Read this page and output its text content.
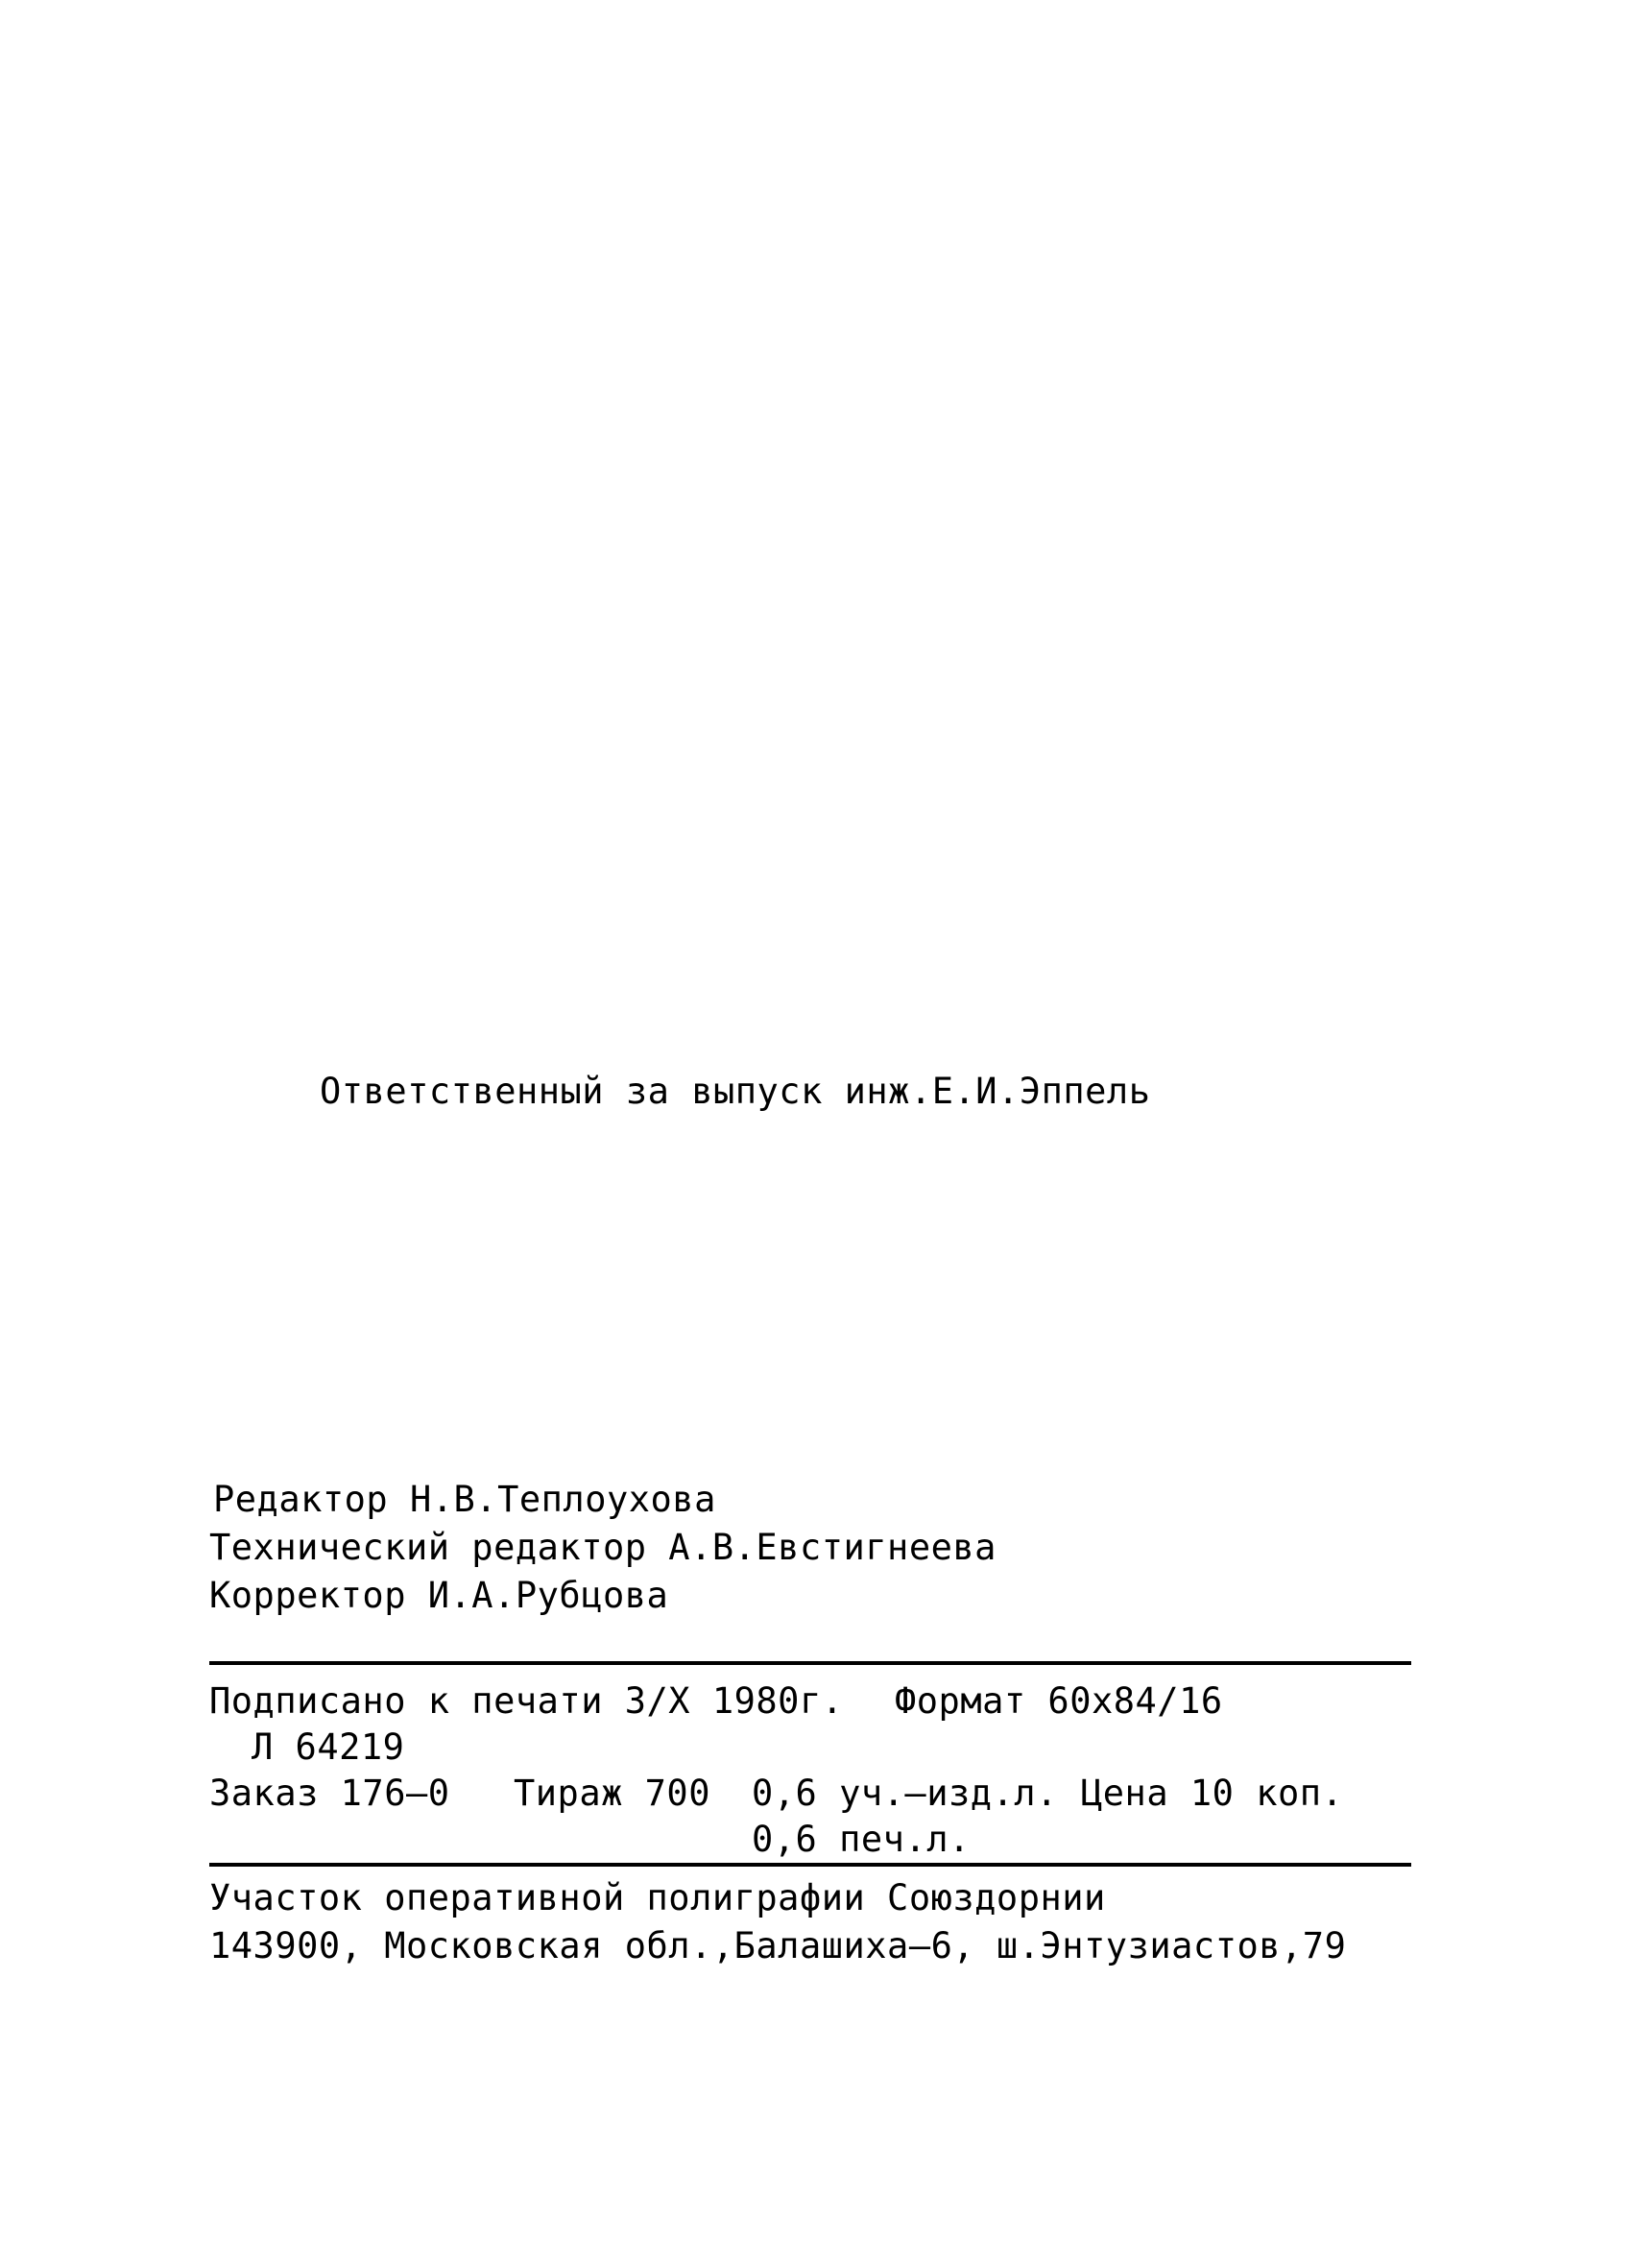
Ответственный за выпуск инж.Е.И.Эппель
Редактор Н.В.Теплоухова
Технический редактор А.В.Евстигнеева
Корректор И.А.Рубцова
Подписано к печати 3/X 1980г. Формат 60x84/16
Л 64219
Заказ 176–0 Тираж 700 0,6 уч.–изд.л. Цена 10 коп.
0,6 печ.л.
Участок оперативной полиграфии Союздорнии
143900, Московская обл.,Балашиха–6, ш.Энтузиастов,79
